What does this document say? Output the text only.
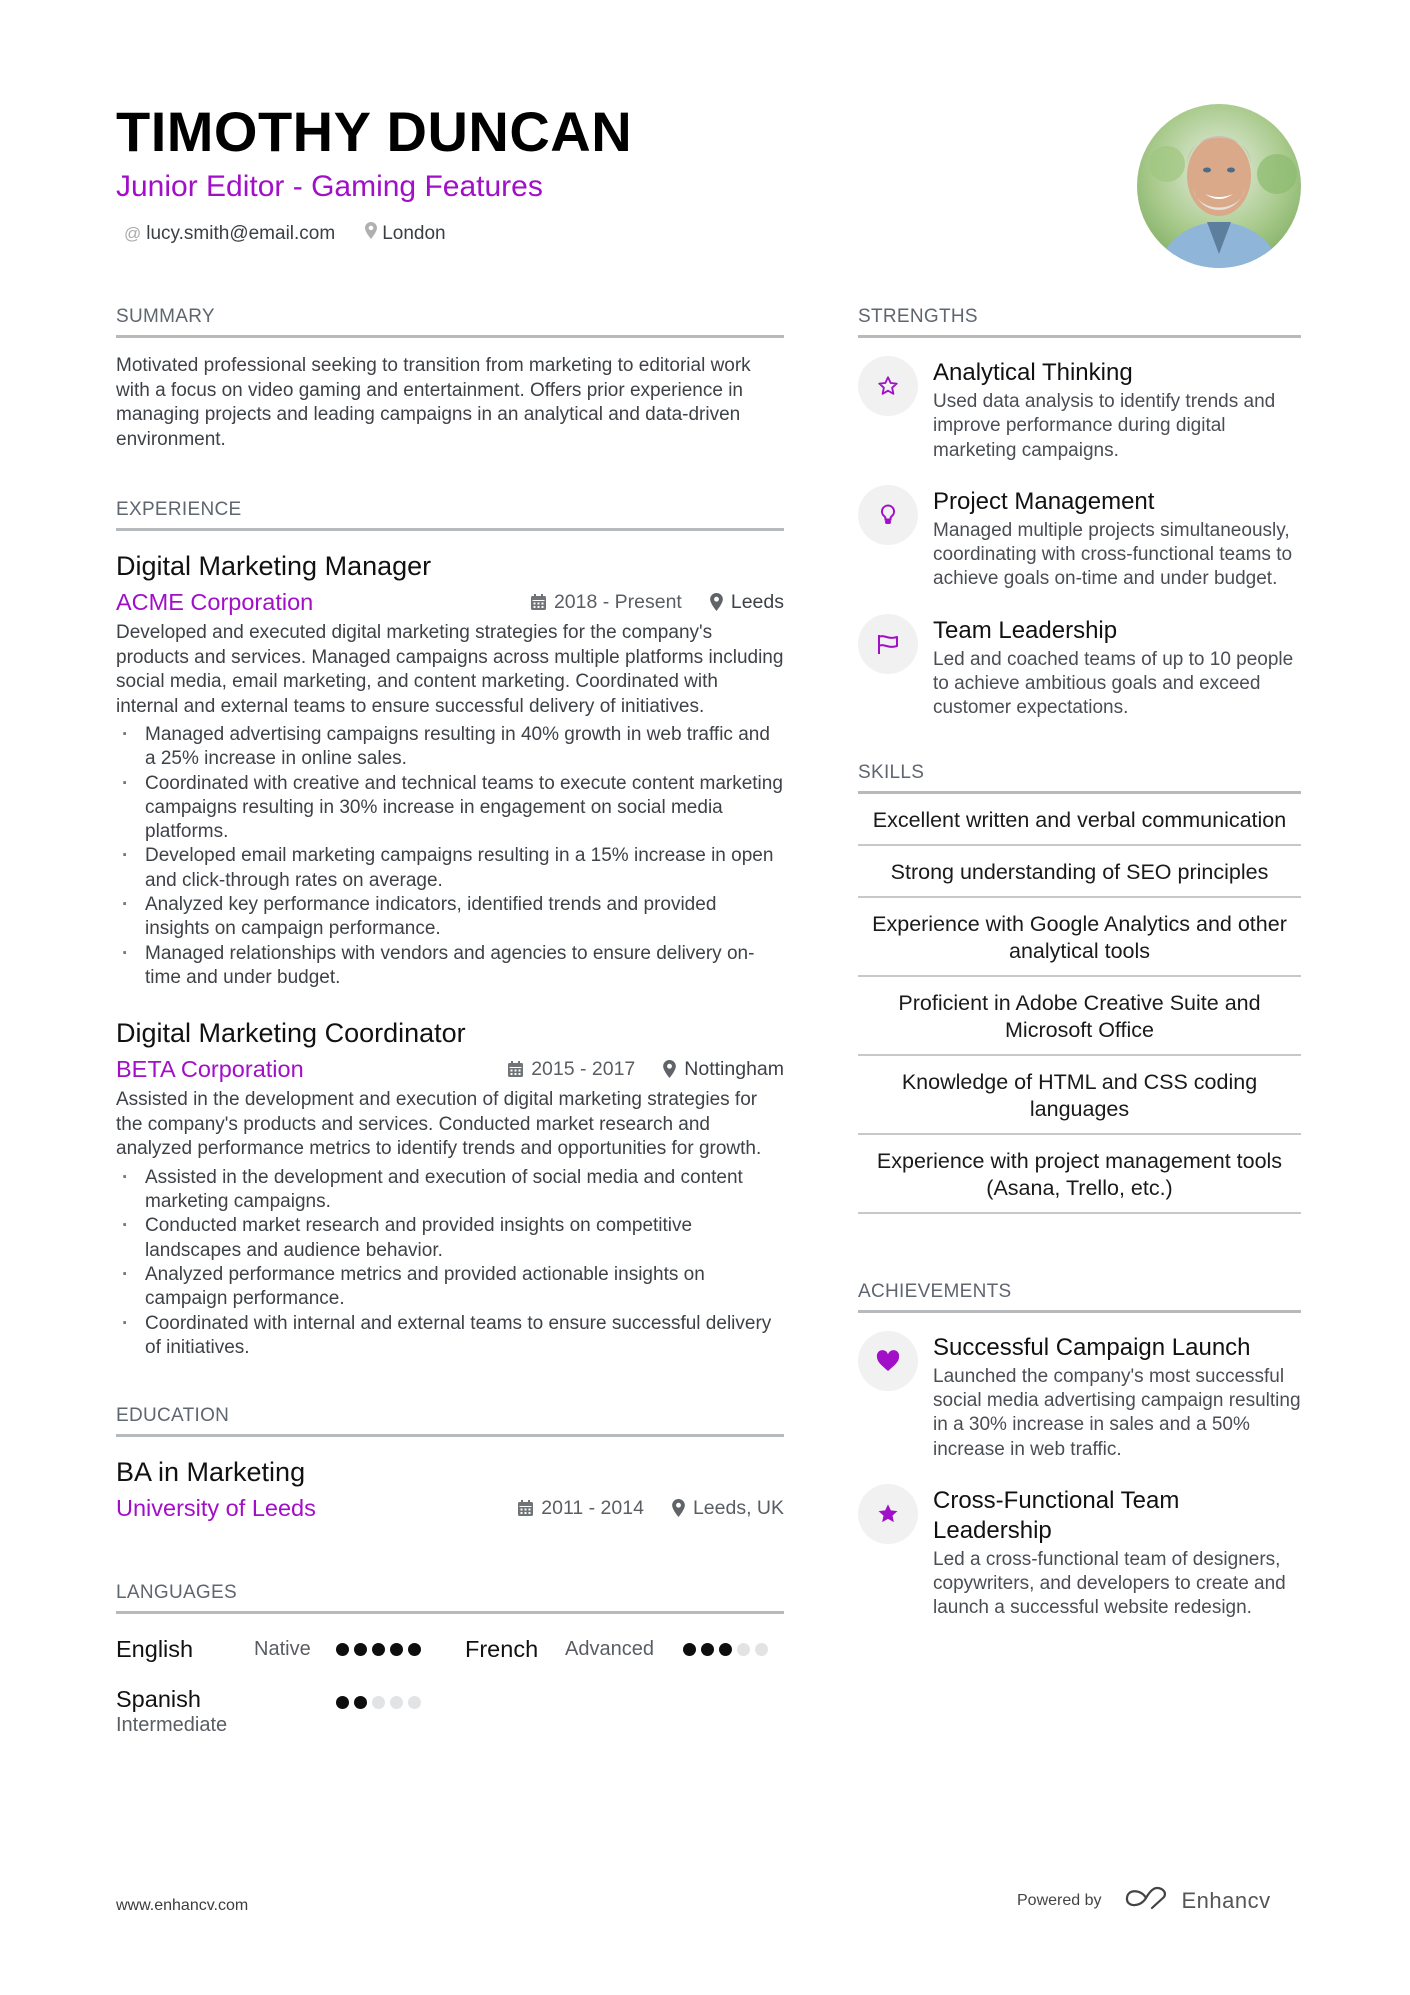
TIMOTHY DUNCAN
Junior Editor - Gaming Features
@ lucy.smith@email.com London
SUMMARY

Motivated professional seeking to transition from marketing to editorial work with a focus on video gaming and entertainment. Offers prior experience in managing projects and leading campaigns in an analytical and data-driven environment.

EXPERIENCE
Digital Marketing Manager
ACME Corporation	2018 - Present	Leeds

Developed and executed digital marketing strategies for the company's products and services. Managed campaigns across multiple platforms including social media, email marketing, and content marketing. Coordinated with internal and external teams to ensure successful delivery of initiatives.

· Managed advertising campaigns resulting in 40% growth in web traffic and a 25% increase in online sales.
· Coordinated with creative and technical teams to execute content marketing campaigns resulting in 30% increase in engagement on social media platforms.
· Developed email marketing campaigns resulting in a 15% increase in open and click-through rates on average.
· Analyzed key performance indicators, identified trends and provided insights on campaign performance.
· Managed relationships with vendors and agencies to ensure delivery on-time and under budget.
Digital Marketing Coordinator
BETA Corporation	2015 - 2017	Nottingham

Assisted in the development and execution of digital marketing strategies for the company's products and services. Conducted market research and analyzed performance metrics to identify trends and opportunities for growth.

· Assisted in the development and execution of social media and content marketing campaigns.
· Conducted market research and provided insights on competitive landscapes and audience behavior.
· Analyzed performance metrics and provided actionable insights on campaign performance.
· Coordinated with internal and external teams to ensure successful delivery of initiatives.
EDUCATION
BA in Marketing
University of Leeds	2011 - 2014	Leeds, UK
LANGUAGES
English	Native	French	Advanced
Spanish
Intermediate
STRENGTHS
Analytical Thinking
Used data analysis to identify trends and improve performance during digital marketing campaigns.
Project Management
Managed multiple projects simultaneously, coordinating with cross-functional teams to achieve goals on-time and under budget.
Team Leadership
Led and coached teams of up to 10 people to achieve ambitious goals and exceed customer expectations.
SKILLS
Excellent written and verbal communication
Strong understanding of SEO principles
Experience with Google Analytics and other analytical tools
Proficient in Adobe Creative Suite and Microsoft Office
Knowledge of HTML and CSS coding languages
Experience with project management tools (Asana, Trello, etc.)
ACHIEVEMENTS
Successful Campaign Launch
Launched the company's most successful social media advertising campaign resulting in a 30% increase in sales and a 50% increase in web traffic.
Cross-Functional Team Leadership
Led a cross-functional team of designers, copywriters, and developers to create and launch a successful website redesign.
www.enhancv.com	Powered by	Enhancv
